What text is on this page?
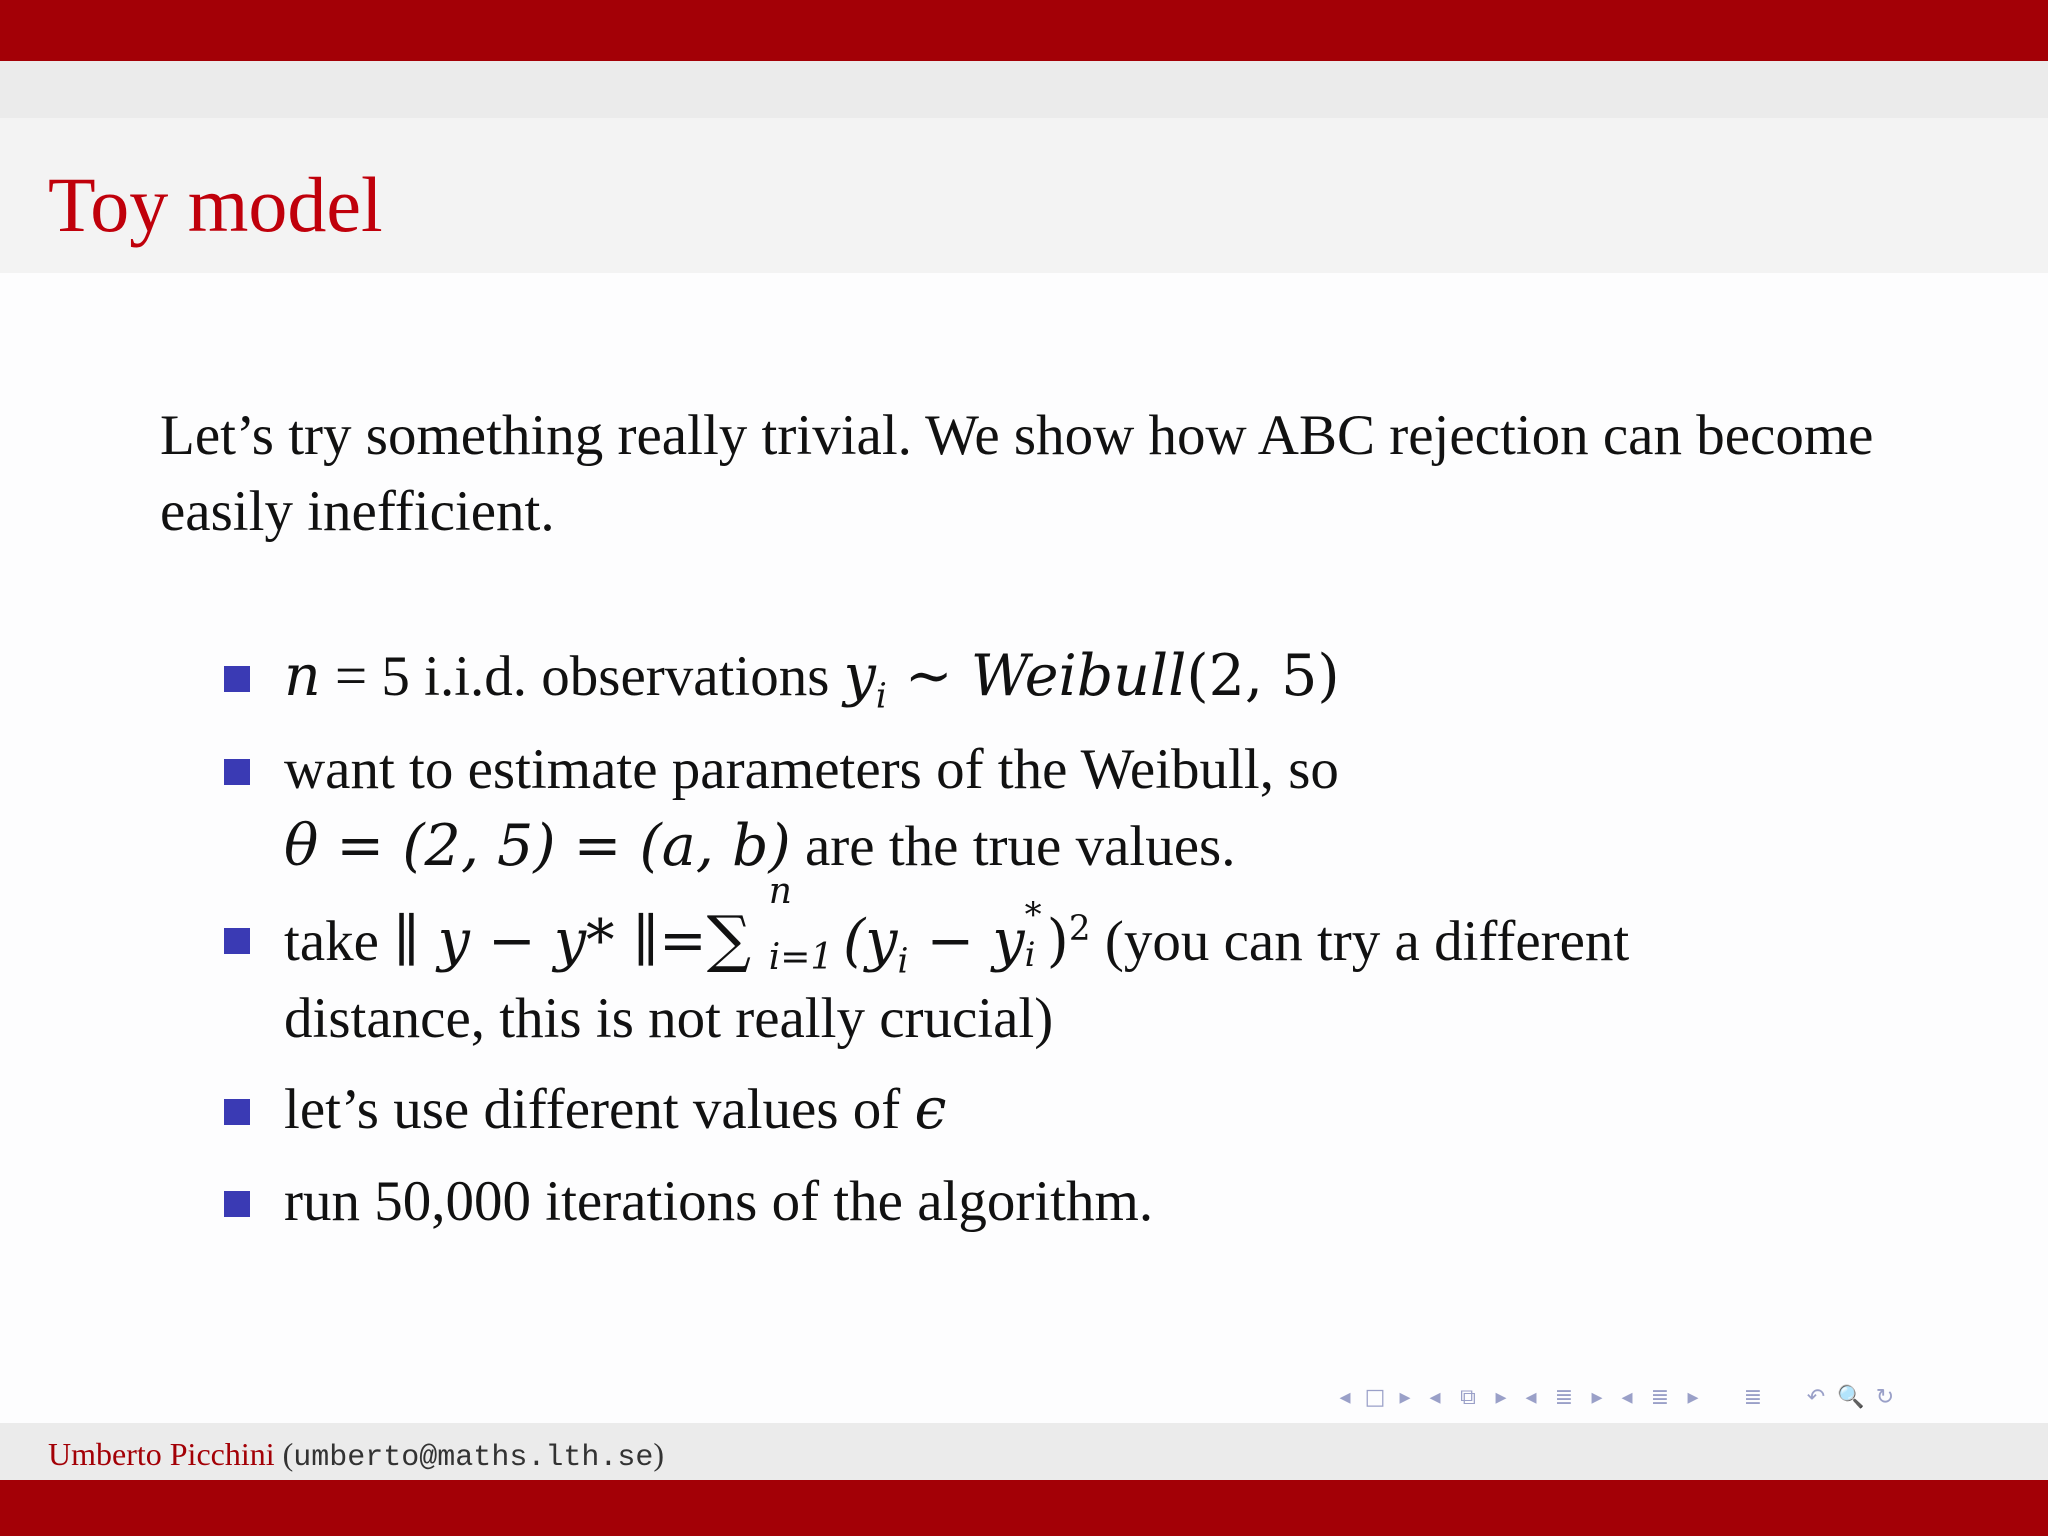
Toy model
Let’s try something really trivial. We show how ABC rejection can become easily inefficient.
n = 5 i.i.d. observations $y_i$ ∼ Weibull(2, 5)
want to estimate parameters of the Weibull, so
θ = (2, 5) = (a, b) are the true values.
take ∥ y − y* ∥=∑
n
i=1 ($y_i - y$ *
i )$^2$ (you can try a different
distance, this is not really crucial)
let’s use different values of ϵ
run 50,000 iterations of the algorithm.
◂ □ ▸ ◂ ⧉ ▸ ◂ ≣ ▸ ◂ ≣ ▸	≣	↶ 🔍 ↻
Umberto Picchini (umberto@maths.lth.se)
